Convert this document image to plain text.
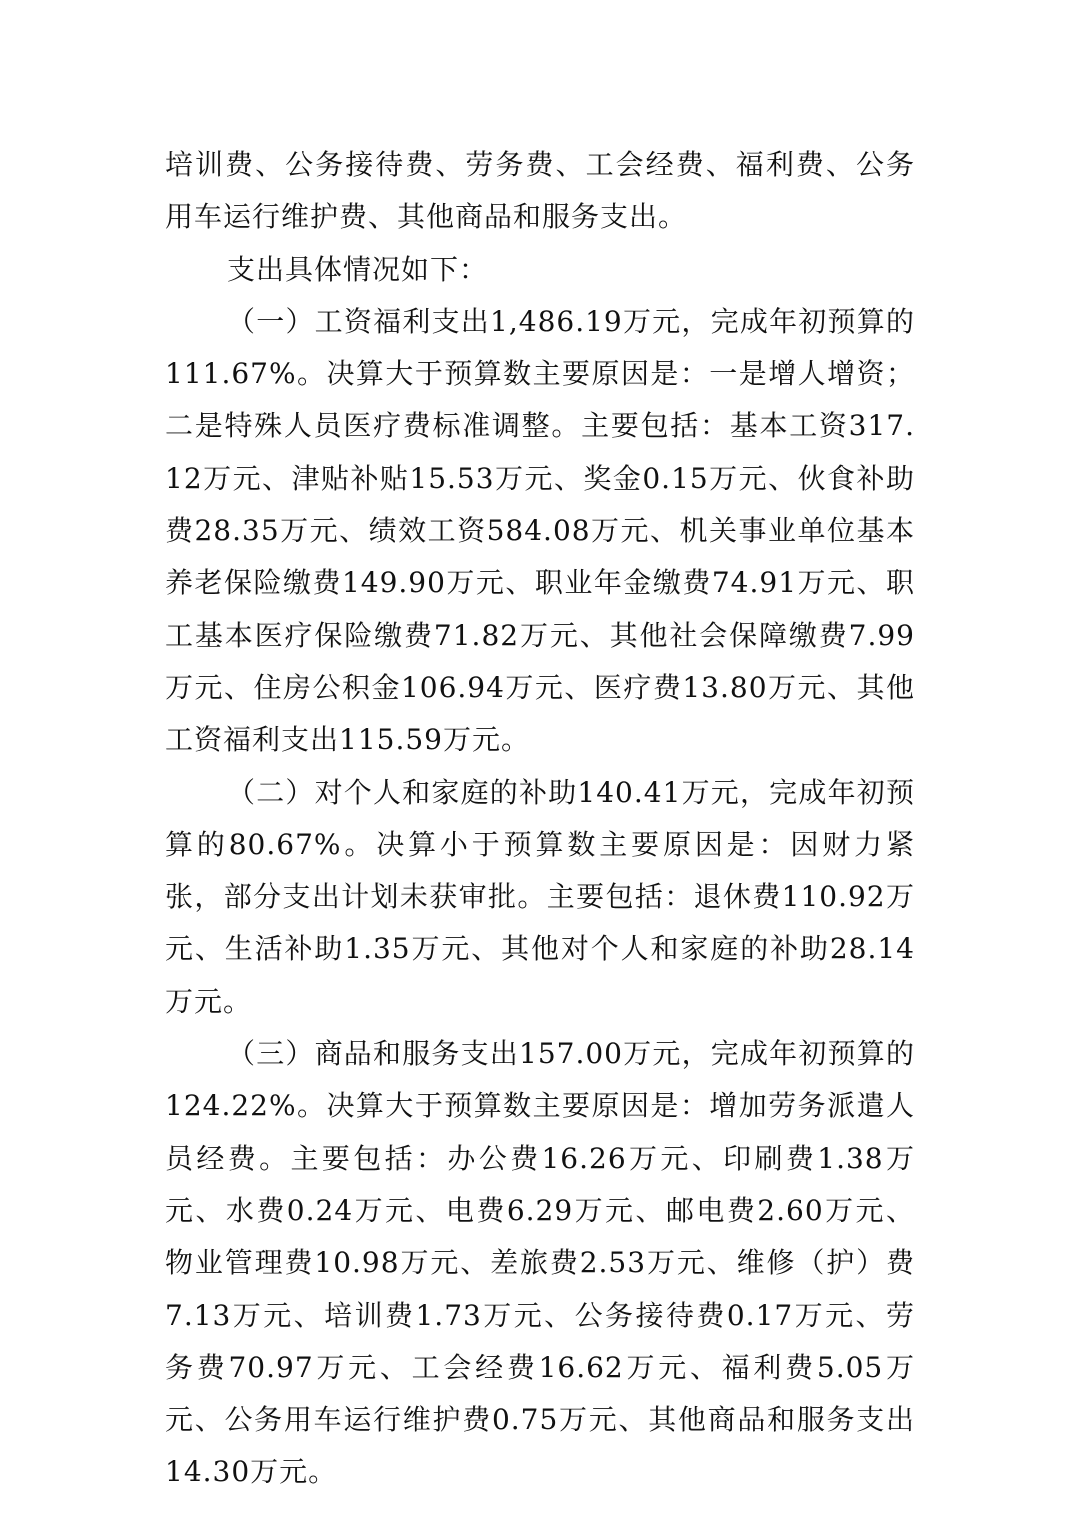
培训费、公务接待费、劳务费、工会经费、福利费、公务用车运行维护费、其他商品和服务支出。

支出具体情况如下：

（一）工资福利支出1,486.19万元，完成年初预算的111.67%。决算大于预算数主要原因是：一是增人增资；二是特殊人员医疗费标准调整。主要包括：基本工资317.12万元、津贴补贴15.53万元、奖金0.15万元、伙食补助费28.35万元、绩效工资584.08万元、机关事业单位基本养老保险缴费149.90万元、职业年金缴费74.91万元、职工基本医疗保险缴费71.82万元、其他社会保障缴费7.99万元、住房公积金106.94万元、医疗费13.80万元、其他工资福利支出115.59万元。

（二）对个人和家庭的补助140.41万元，完成年初预算的80.67%。决算小于预算数主要原因是：因财力紧张，部分支出计划未获审批。主要包括：退休费110.92万元、生活补助1.35万元、其他对个人和家庭的补助28.14万元。

（三）商品和服务支出157.00万元，完成年初预算的124.22%。决算大于预算数主要原因是：增加劳务派遣人员经费。主要包括：办公费16.26万元、印刷费1.38万元、水费0.24万元、电费6.29万元、邮电费2.60万元、物业管理费10.98万元、差旅费2.53万元、维修（护）费7.13万元、培训费1.73万元、公务接待费0.17万元、劳务费70.97万元、工会经费16.62万元、福利费5.05万元、公务用车运行维护费0.75万元、其他商品和服务支出14.30万元。
